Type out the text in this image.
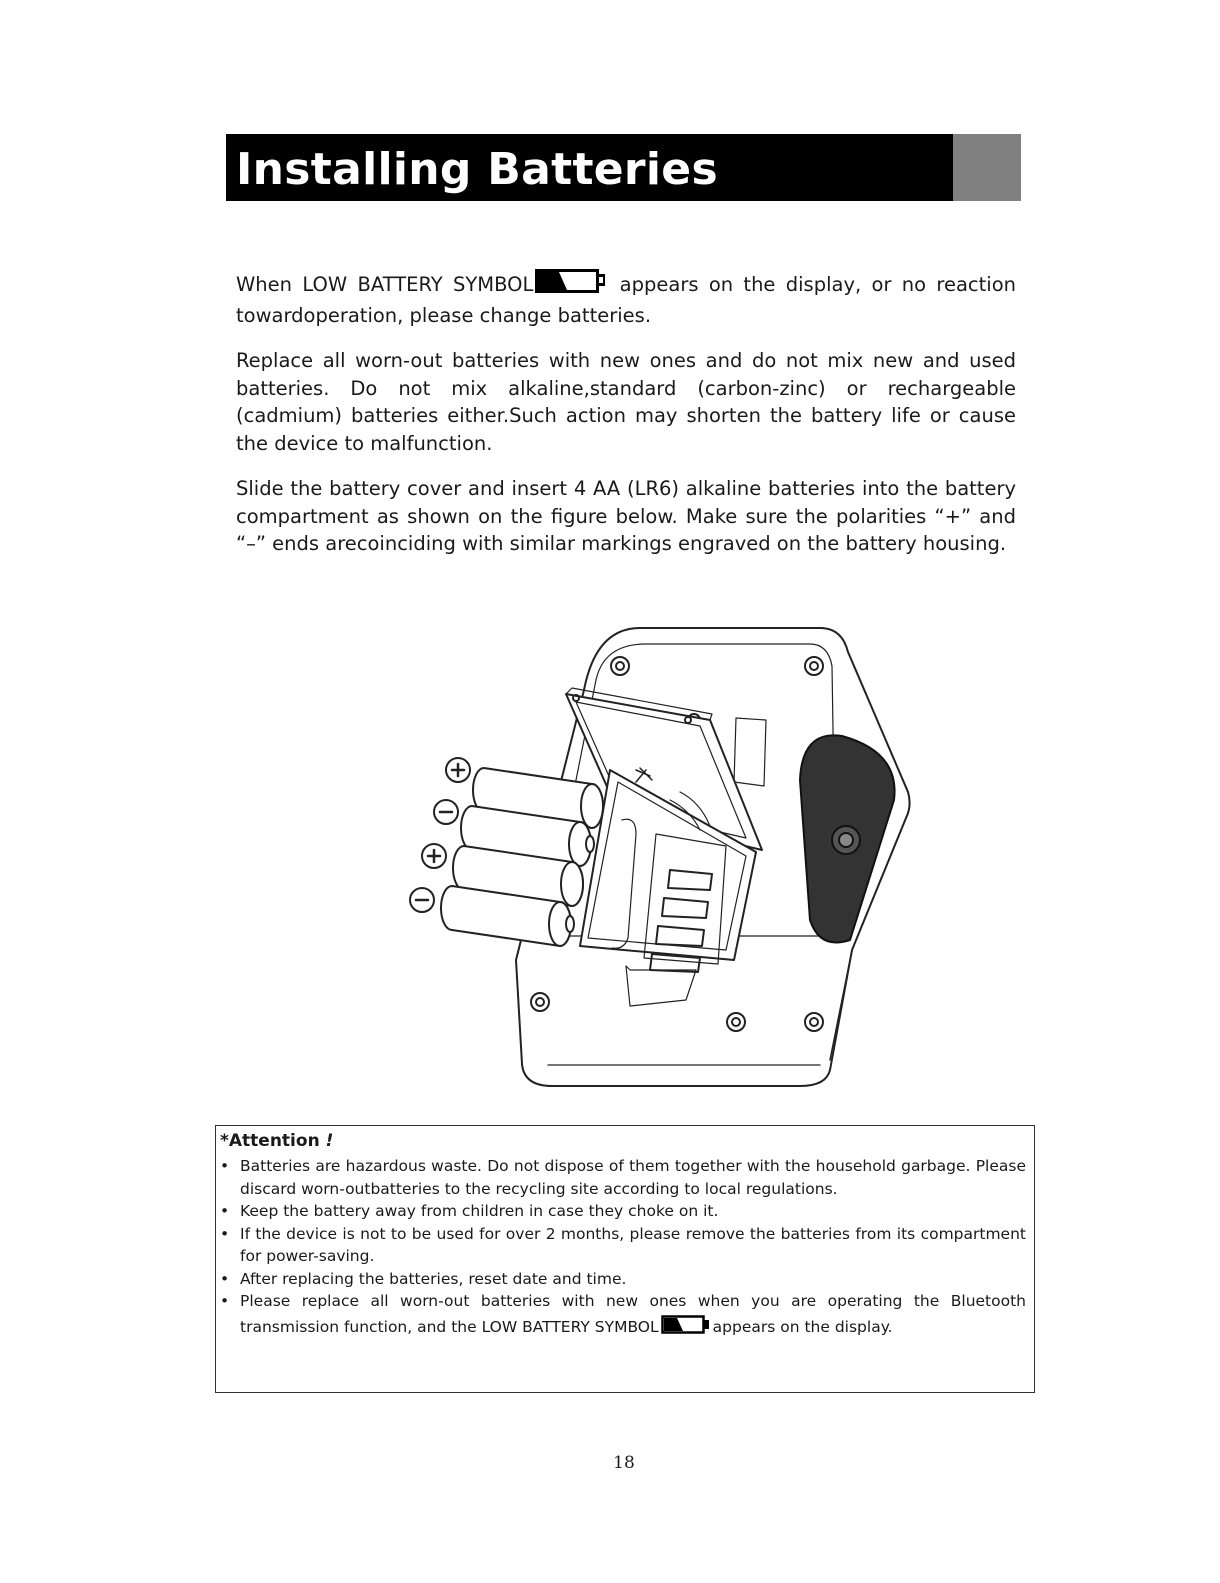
Installing Batteries

When LOW BATTERY SYMBOL	appears on the display, or no reaction towardoperation, please change batteries.

Replace all worn-out batteries with new ones and do not mix new and used batteries. Do not mix alkaline,standard (carbon-zinc) or rechargeable (cadmium) batteries either.Such action may shorten the battery life or cause the device to malfunction.

Slide the battery cover and insert 4 AA (LR6) alkaline batteries into the battery compartment as shown on the figure below. Make sure the polarities “+” and “–” ends arecoinciding with similar markings engraved on the battery housing.

*Attention !
• Batteries are hazardous waste. Do not dispose of them together with the household garbage. Please discard worn-outbatteries to the recycling site according to local regulations.
• Keep the battery away from children in case they choke on it.
• If the device is not to be used for over 2 months, please remove the batteries from its compartment for power-saving.
• After replacing the batteries, reset date and time.
• Please replace all worn-out batteries with new ones when you are operating the Bluetooth transmission function, and the LOW BATTERY SYMBOL	appears on the display.
18
